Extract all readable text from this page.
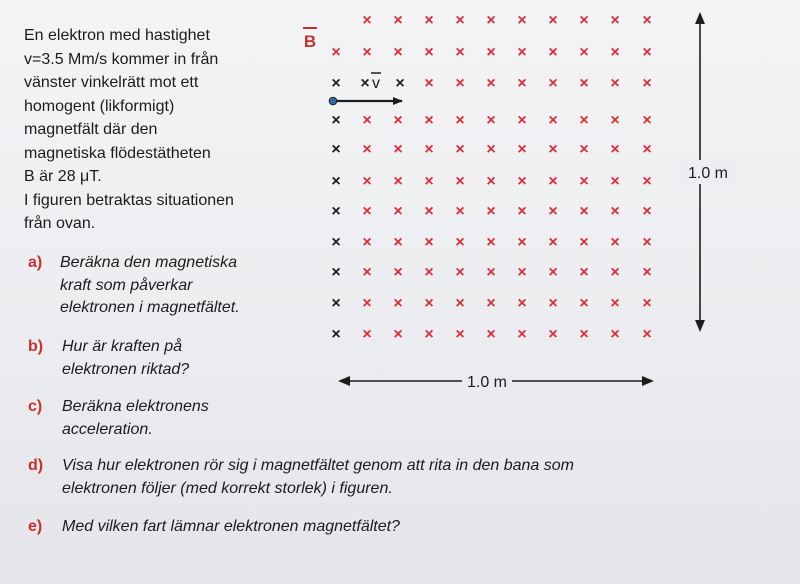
En elektron med hastighet
v=3.5 Mm/s kommer in från
vänster vinkelrätt mot ett
homogent (likformigt)
magnetfält där den
magnetiska flödestätheten
B är 28 μT.
I figuren betraktas situationen
från ovan.
a)	Beräkna den magnetiska
kraft som påverkar
elektronen i magnetfältet.
b)	Hur är kraften på
elektronen riktad?
c)	Beräkna elektronens
acceleration.
d)	Visa hur elektronen rör sig i magnetfältet genom att rita in den bana som
elektronen följer (med korrekt storlek) i figuren.
e)	Med vilken fart lämnar elektronen magnetfältet?
× × × × × × × × × ×
× × × × × × × × × × ×
× × × × × × × × × × ×
× × × × × × × × × × ×
× × × × × × × × × × ×
× × × × × × × × × × ×
× × × × × × × × × × ×
× × × × × × × × × × ×
× × × × × × × × × × ×
× × × × × × × × × × ×
× × × × × × × × × × ×
B
v
1.0 m
1.0 m
